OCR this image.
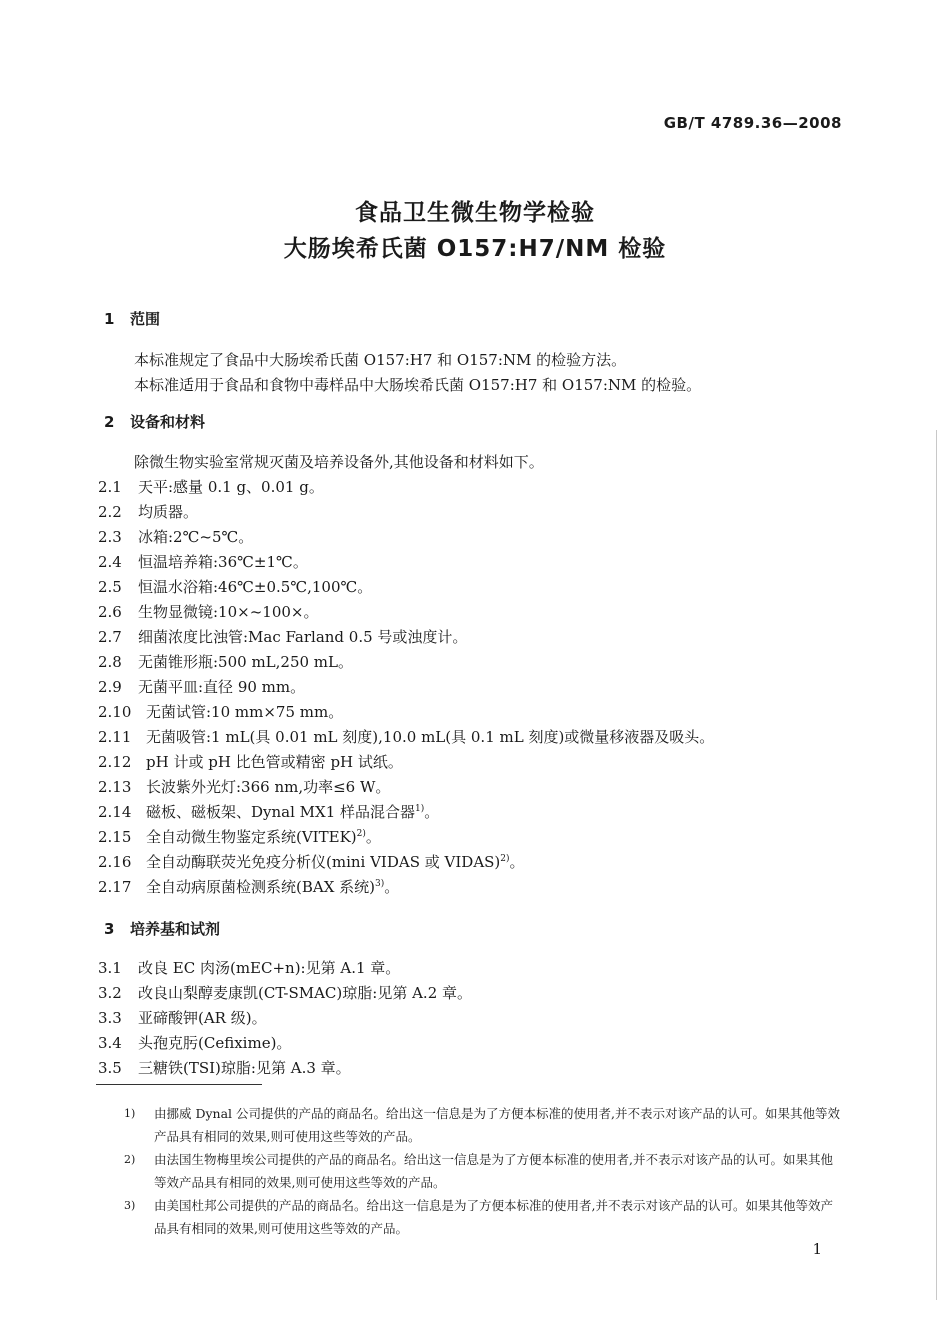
GB/T 4789.36—2008
食品卫生微生物学检验
大肠埃希氏菌 O157:H7/NM 检验
1 范围
本标准规定了食品中大肠埃希氏菌 O157:H7 和 O157:NM 的检验方法。
本标准适用于食品和食物中毒样品中大肠埃希氏菌 O157:H7 和 O157:NM 的检验。
2 设备和材料
除微生物实验室常规灭菌及培养设备外,其他设备和材料如下。
2.1 天平:感量 0.1 g、0.01 g。
2.2 均质器。
2.3 冰箱:2℃~5℃。
2.4 恒温培养箱:36℃±1℃。
2.5 恒温水浴箱:46℃±0.5℃,100℃。
2.6 生物显微镜:10×~100×。
2.7 细菌浓度比浊管:Mac Farland 0.5 号或浊度计。
2.8 无菌锥形瓶:500 mL,250 mL。
2.9 无菌平皿:直径 90 mm。
2.10 无菌试管:10 mm×75 mm。
2.11 无菌吸管:1 mL(具 0.01 mL 刻度),10.0 mL(具 0.1 mL 刻度)或微量移液器及吸头。
2.12 pH 计或 pH 比色管或精密 pH 试纸。
2.13 长波紫外光灯:366 nm,功率≤6 W。
2.14 磁板、磁板架、Dynal MX1 样品混合器$^{1)}$。
2.15 全自动微生物鉴定系统(VITEK)$^{2)}$。
2.16 全自动酶联荧光免疫分析仪(mini VIDAS 或 VIDAS)$^{2)}$。
2.17 全自动病原菌检测系统(BAX 系统)$^{3)}$。
3 培养基和试剂
3.1 改良 EC 肉汤(mEC+n):见第 A.1 章。
3.2 改良山梨醇麦康凯(CT-SMAC)琼脂:见第 A.2 章。
3.3 亚碲酸钾(AR 级)。
3.4 头孢克肟(Cefixime)。
3.5 三糖铁(TSI)琼脂:见第 A.3 章。
1) 由挪威 Dynal 公司提供的产品的商品名。给出这一信息是为了方便本标准的使用者,并不表示对该产品的认可。如果其他等效产品具有相同的效果,则可使用这些等效的产品。
2) 由法国生物梅里埃公司提供的产品的商品名。给出这一信息是为了方便本标准的使用者,并不表示对该产品的认可。如果其他等效产品具有相同的效果,则可使用这些等效的产品。
3) 由美国杜邦公司提供的产品的商品名。给出这一信息是为了方便本标准的使用者,并不表示对该产品的认可。如果其他等效产品具有相同的效果,则可使用这些等效的产品。
1
